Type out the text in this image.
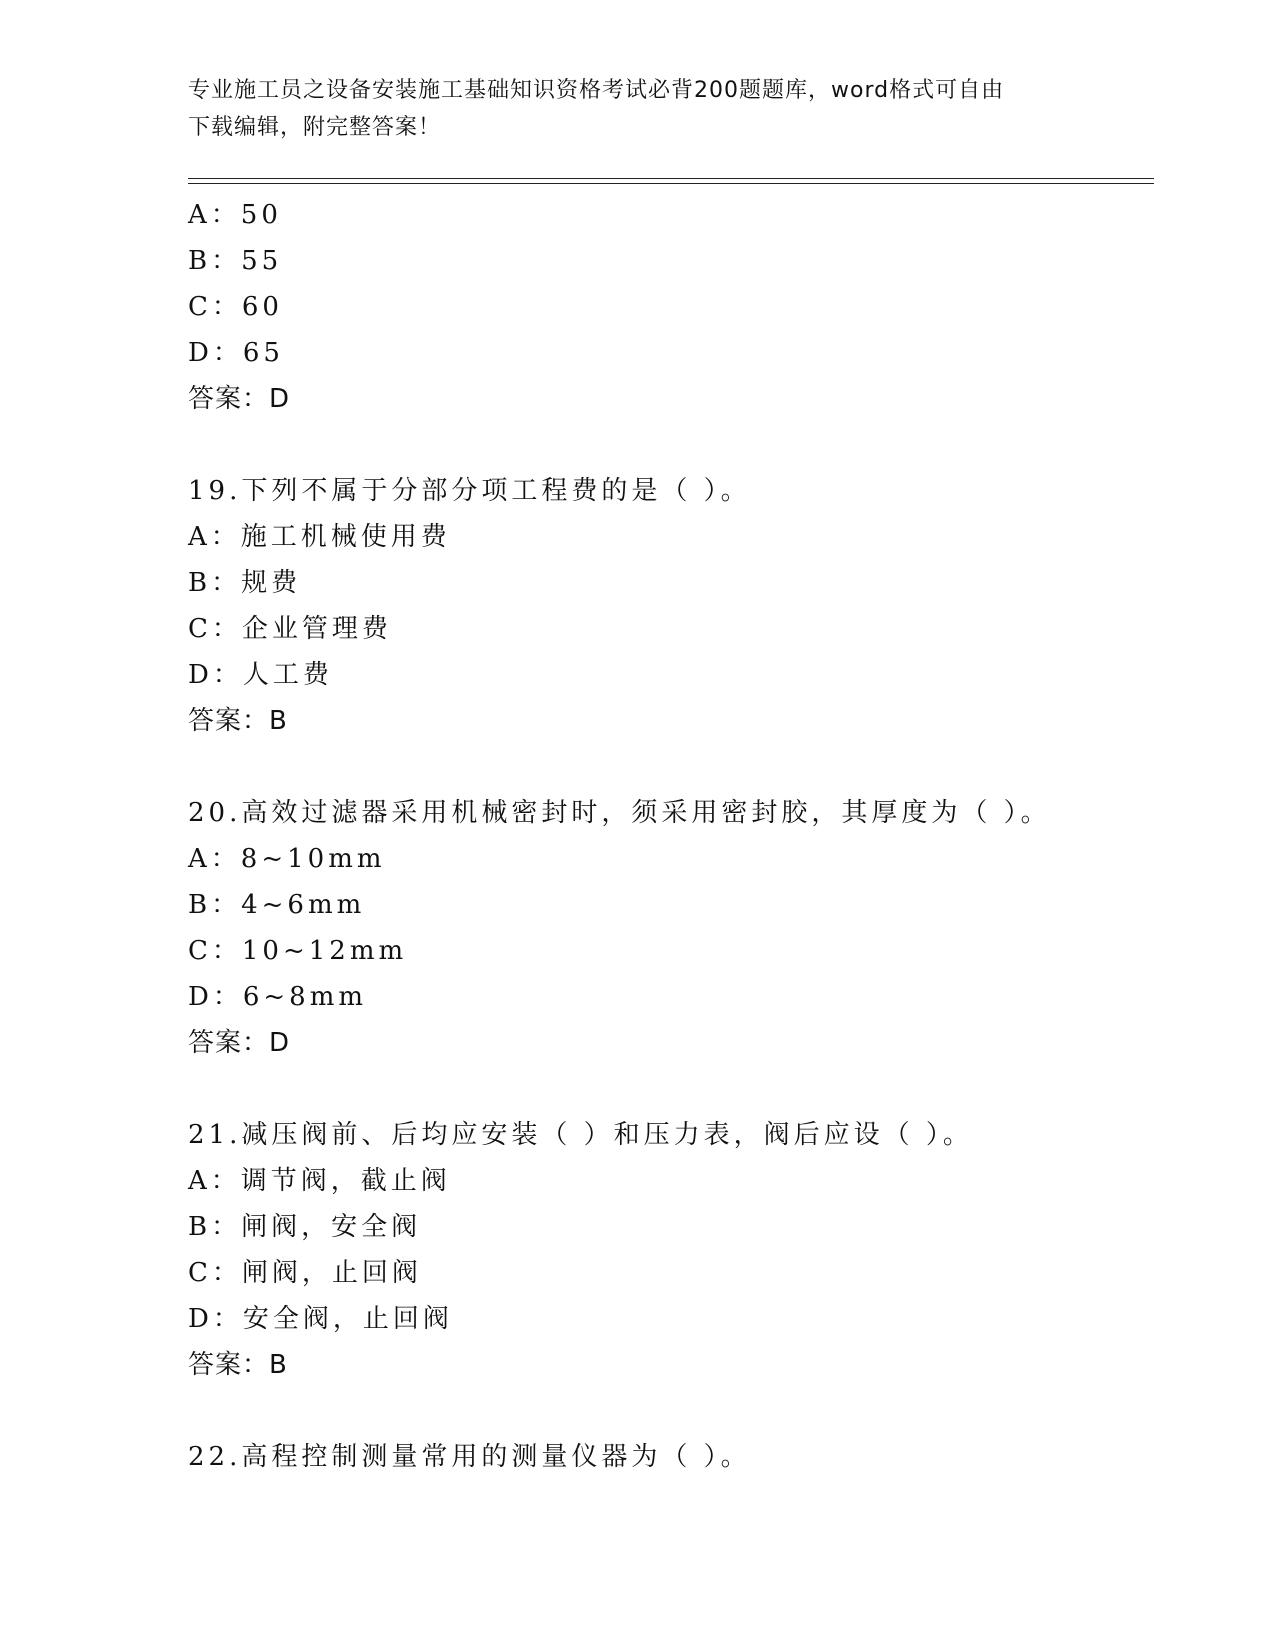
专业施工员之设备安装施工基础知识资格考试必背200题题库，word格式可自由
下载编辑，附完整答案！
A：50
B：55
C：60
D：65
答案：D
19.下列不属于分部分项工程费的是（ ）。
A：施工机械使用费
B：规费
C：企业管理费
D：人工费
答案：B
20.高效过滤器采用机械密封时，须采用密封胶，其厚度为（ ）。
A：8~10mm
B：4~6mm
C：10~12mm
D：6~8mm
答案：D
21.减压阀前、后均应安装（ ）和压力表，阀后应设（ ）。
A：调节阀，截止阀
B：闸阀，安全阀
C：闸阀，止回阀
D：安全阀，止回阀
答案：B
22.高程控制测量常用的测量仪器为（ ）。
